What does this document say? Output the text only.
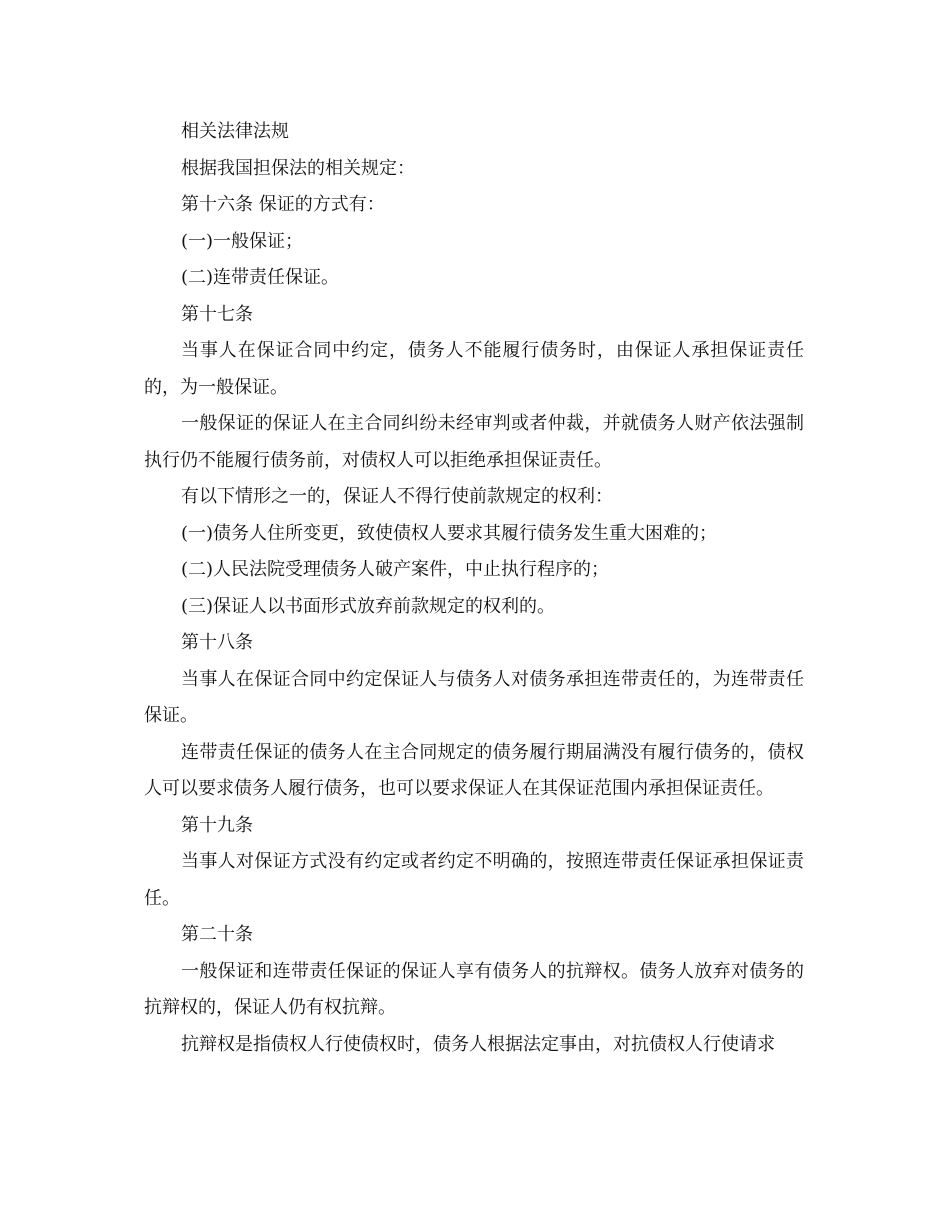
相关法律法规

根据我国担保法的相关规定：

第十六条 保证的方式有：

(一)一般保证；

(二)连带责任保证。

第十七条

当事人在保证合同中约定，债务人不能履行债务时，由保证人承担保证责任的，为一般保证。

一般保证的保证人在主合同纠纷未经审判或者仲裁，并就债务人财产依法强制执行仍不能履行债务前，对债权人可以拒绝承担保证责任。

有以下情形之一的，保证人不得行使前款规定的权利：

(一)债务人住所变更，致使债权人要求其履行债务发生重大困难的；

(二)人民法院受理债务人破产案件，中止执行程序的；

(三)保证人以书面形式放弃前款规定的权利的。

第十八条

当事人在保证合同中约定保证人与债务人对债务承担连带责任的，为连带责任保证。

连带责任保证的债务人在主合同规定的债务履行期届满没有履行债务的，债权人可以要求债务人履行债务，也可以要求保证人在其保证范围内承担保证责任。

第十九条

当事人对保证方式没有约定或者约定不明确的，按照连带责任保证承担保证责任。

第二十条

一般保证和连带责任保证的保证人享有债务人的抗辩权。债务人放弃对债务的抗辩权的，保证人仍有权抗辩。

抗辩权是指债权人行使债权时，债务人根据法定事由，对抗债权人行使请求
